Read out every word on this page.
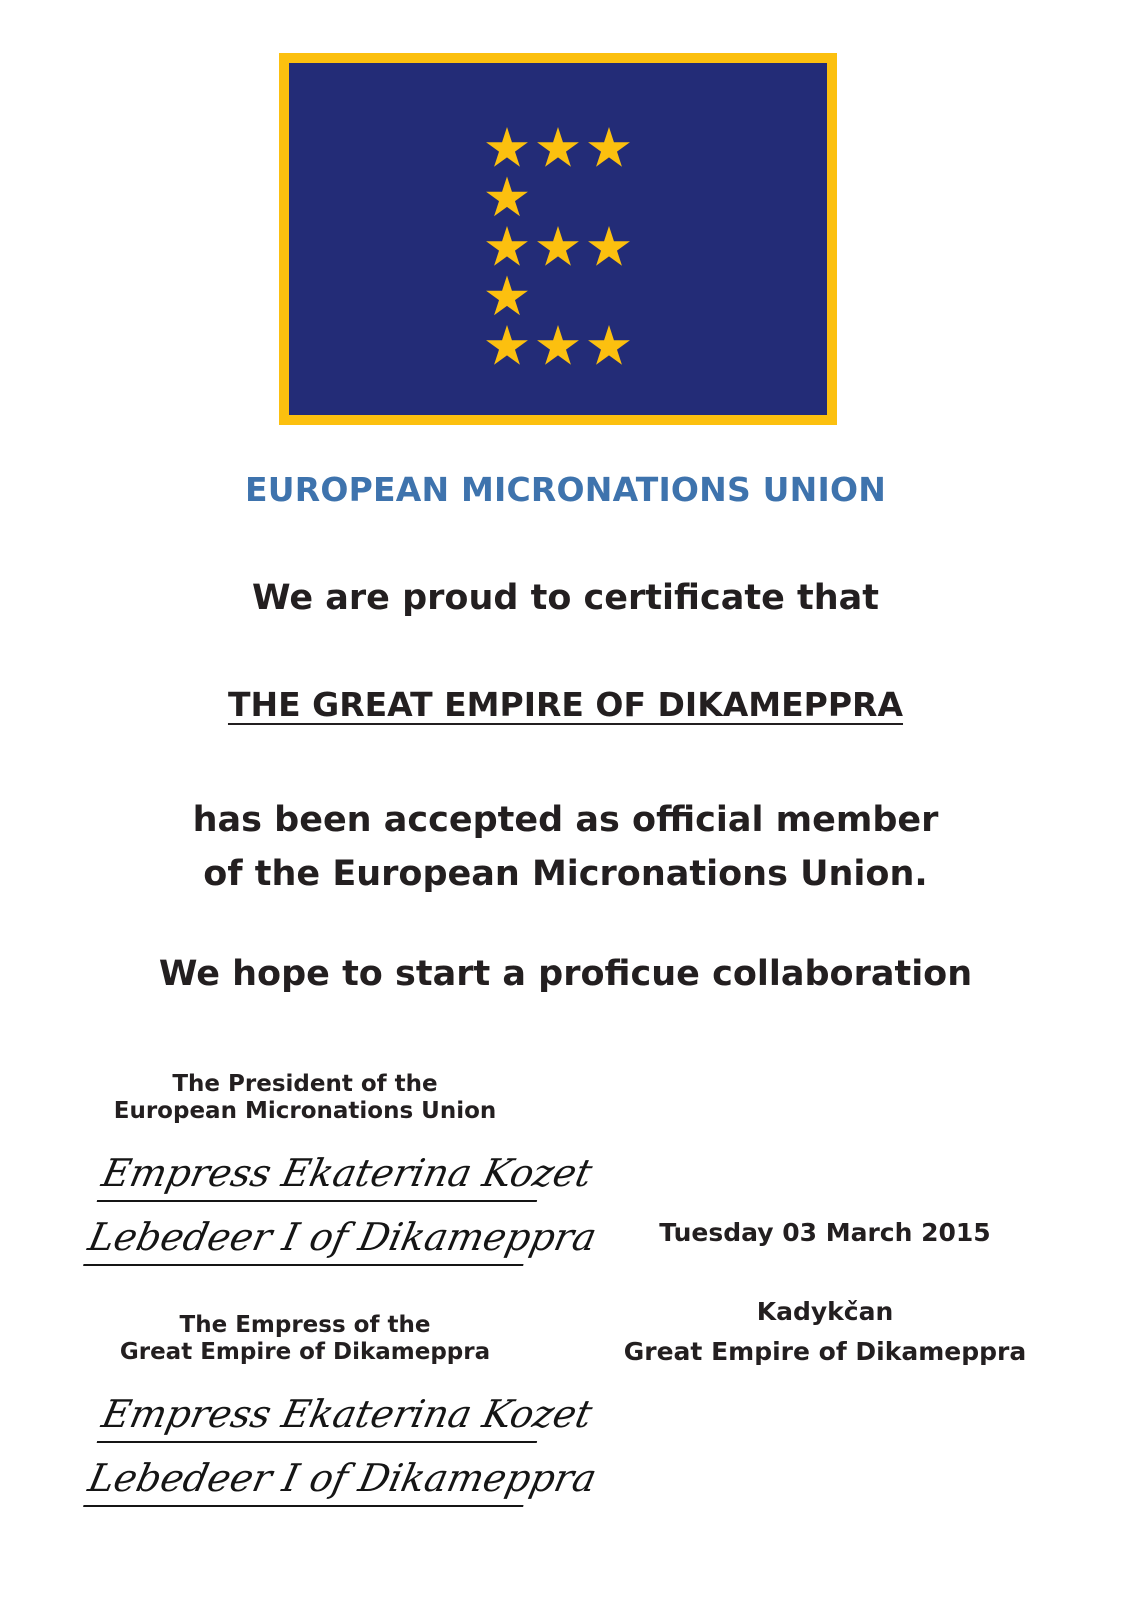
EUROPEAN MICRONATIONS UNION
We are proud to certificate that
THE GREAT EMPIRE OF DIKAMEPPRA
has been accepted as official member
of the European Micronations Union.
We hope to start a proficue collaboration
The President of the
European Micronations Union
Empress Ekaterina Kozet
Lebedeer I of Dikameppra
The Empress of the
Great Empire of Dikameppra
Empress Ekaterina Kozet
Lebedeer I of Dikameppra
Tuesday 03 March 2015
Kadykčan
Great Empire of Dikameppra
